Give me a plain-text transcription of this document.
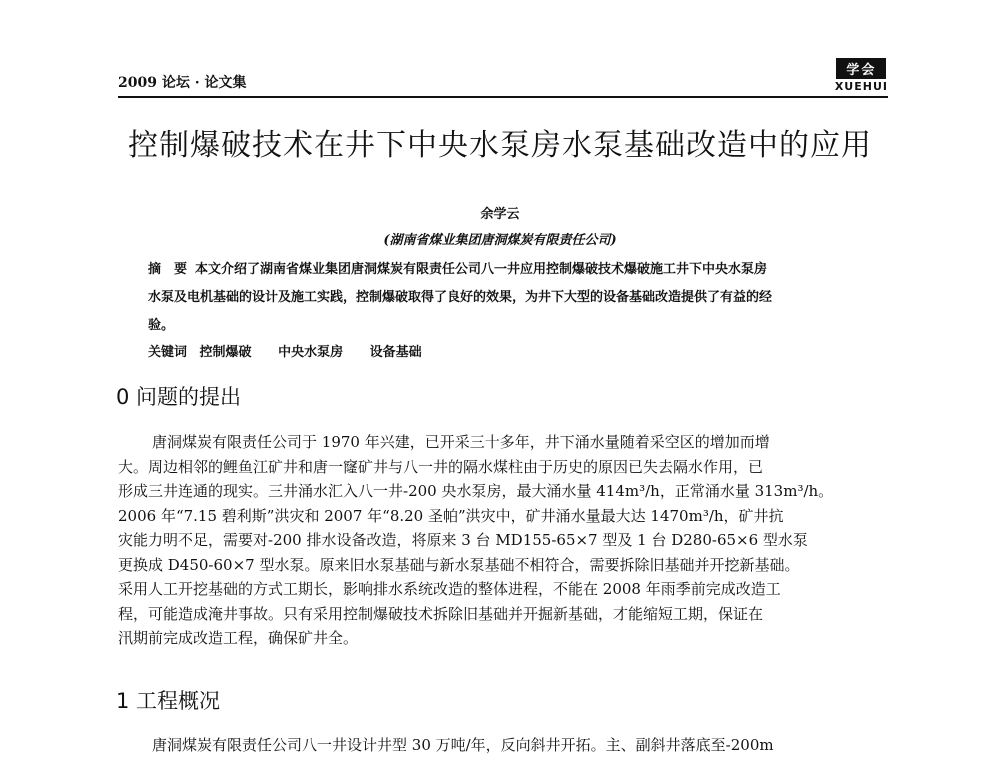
2009 论坛 · 论文集
学会
XUEHUI
控制爆破技术在井下中央水泵房水泵基础改造中的应用
余学云
(湖南省煤业集团唐洞煤炭有限责任公司)
摘　要 本文介绍了湖南省煤业集团唐洞煤炭有限责任公司八一井应用控制爆破技术爆破施工井下中央水泵房
水泵及电机基础的设计及施工实践，控制爆破取得了良好的效果，为井下大型的设备基础改造提供了有益的经
验。
关键词 控制爆破 中央水泵房 设备基础
0 问题的提出
唐洞煤炭有限责任公司于 1970 年兴建，已开采三十多年，井下涌水量随着采空区的增加而增
大。周边相邻的鲤鱼江矿井和唐一窿矿井与八一井的隔水煤柱由于历史的原因已失去隔水作用，已
形成三井连通的现实。三井涌水汇入八一井-200 央水泵房，最大涌水量 414m³/h，正常涌水量 313m³/h。
2006 年“7.15 碧利斯”洪灾和 2007 年“8.20 圣帕”洪灾中，矿井涌水量最大达 1470m³/h，矿井抗
灾能力明不足，需要对-200 排水设备改造，将原来 3 台 MD155-65×7 型及 1 台 D280-65×6 型水泵
更换成 D450-60×7 型水泵。原来旧水泵基础与新水泵基础不相符合，需要拆除旧基础并开挖新基础。
采用人工开挖基础的方式工期长，影响排水系统改造的整体进程，不能在 2008 年雨季前完成改造工
程，可能造成淹井事故。只有采用控制爆破技术拆除旧基础并开掘新基础，才能缩短工期，保证在
汛期前完成改造工程，确保矿井全。
1 工程概况
唐洞煤炭有限责任公司八一井设计井型 30 万吨/年，反向斜井开拓。主、副斜井落底至-200m
